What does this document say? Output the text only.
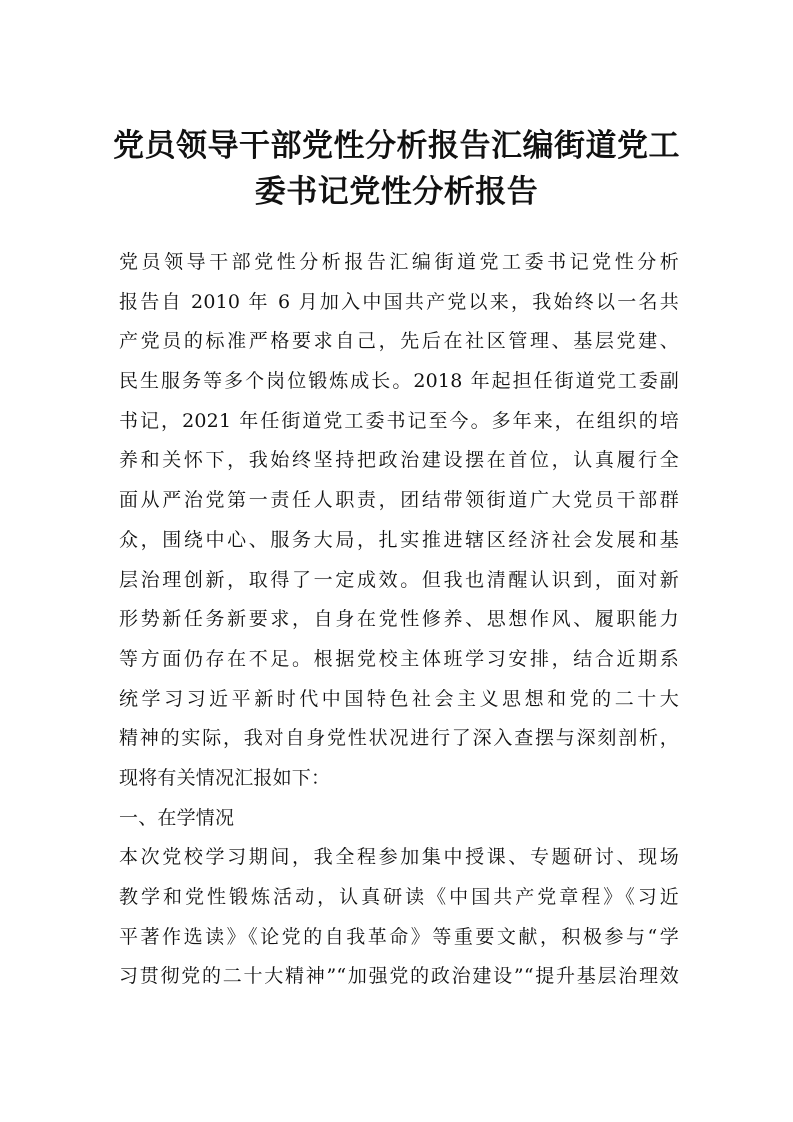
党员领导干部党性分析报告汇编街道党工
委书记党性分析报告
党员领导干部党性分析报告汇编街道党工委书记党性分析
报告自 2010 年 6 月加入中国共产党以来，我始终以一名共
产党员的标准严格要求自己，先后在社区管理、基层党建、
民生服务等多个岗位锻炼成长。2018 年起担任街道党工委副
书记，2021 年任街道党工委书记至今。多年来，在组织的培
养和关怀下，我始终坚持把政治建设摆在首位，认真履行全
面从严治党第一责任人职责，团结带领街道广大党员干部群
众，围绕中心、服务大局，扎实推进辖区经济社会发展和基
层治理创新，取得了一定成效。但我也清醒认识到，面对新
形势新任务新要求，自身在党性修养、思想作风、履职能力
等方面仍存在不足。根据党校主体班学习安排，结合近期系
统学习习近平新时代中国特色社会主义思想和党的二十大
精神的实际，我对自身党性状况进行了深入查摆与深刻剖析，
现将有关情况汇报如下：
一、在学情况
本次党校学习期间，我全程参加集中授课、专题研讨、现场
教学和党性锻炼活动，认真研读《中国共产党章程》《习近
平著作选读》《论党的自我革命》等重要文献，积极参与“学
习贯彻党的二十大精神”“加强党的政治建设”“提升基层治理效
